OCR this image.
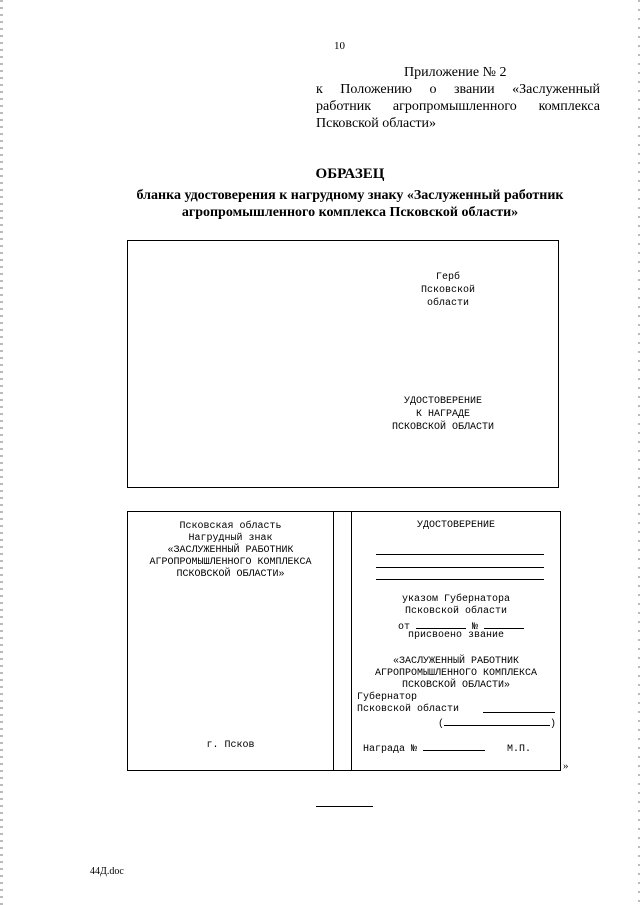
10
Приложение № 2
к Положению о звании «Заслуженный
работник агропромышленного комплекса
Псковской области»
ОБРАЗЕЦ
бланка удостоверения к нагрудному знаку «Заслуженный работник
агропромышленного комплекса Псковской области»
Герб
Псковской
области
УДОСТОВЕРЕНИЕ
К НАГРАДЕ
ПСКОВСКОЙ ОБЛАСТИ
Псковская область
Нагрудный знак
«ЗАСЛУЖЕННЫЙ РАБОТНИК
АГРОПРОМЫШЛЕННОГО КОМПЛЕКСА
ПСКОВСКОЙ ОБЛАСТИ»
г. Псков
УДОСТОВЕРЕНИЕ
указом Губернатора
Псковской области
от	№
присвоено звание
«ЗАСЛУЖЕННЫЙ РАБОТНИК
АГРОПРОМЫШЛЕННОГО КОМПЛЕКСА
ПСКОВСКОЙ ОБЛАСТИ»
Губернатор
Псковской области
(	)
Награда №	М.П.
»
44Д.doc
